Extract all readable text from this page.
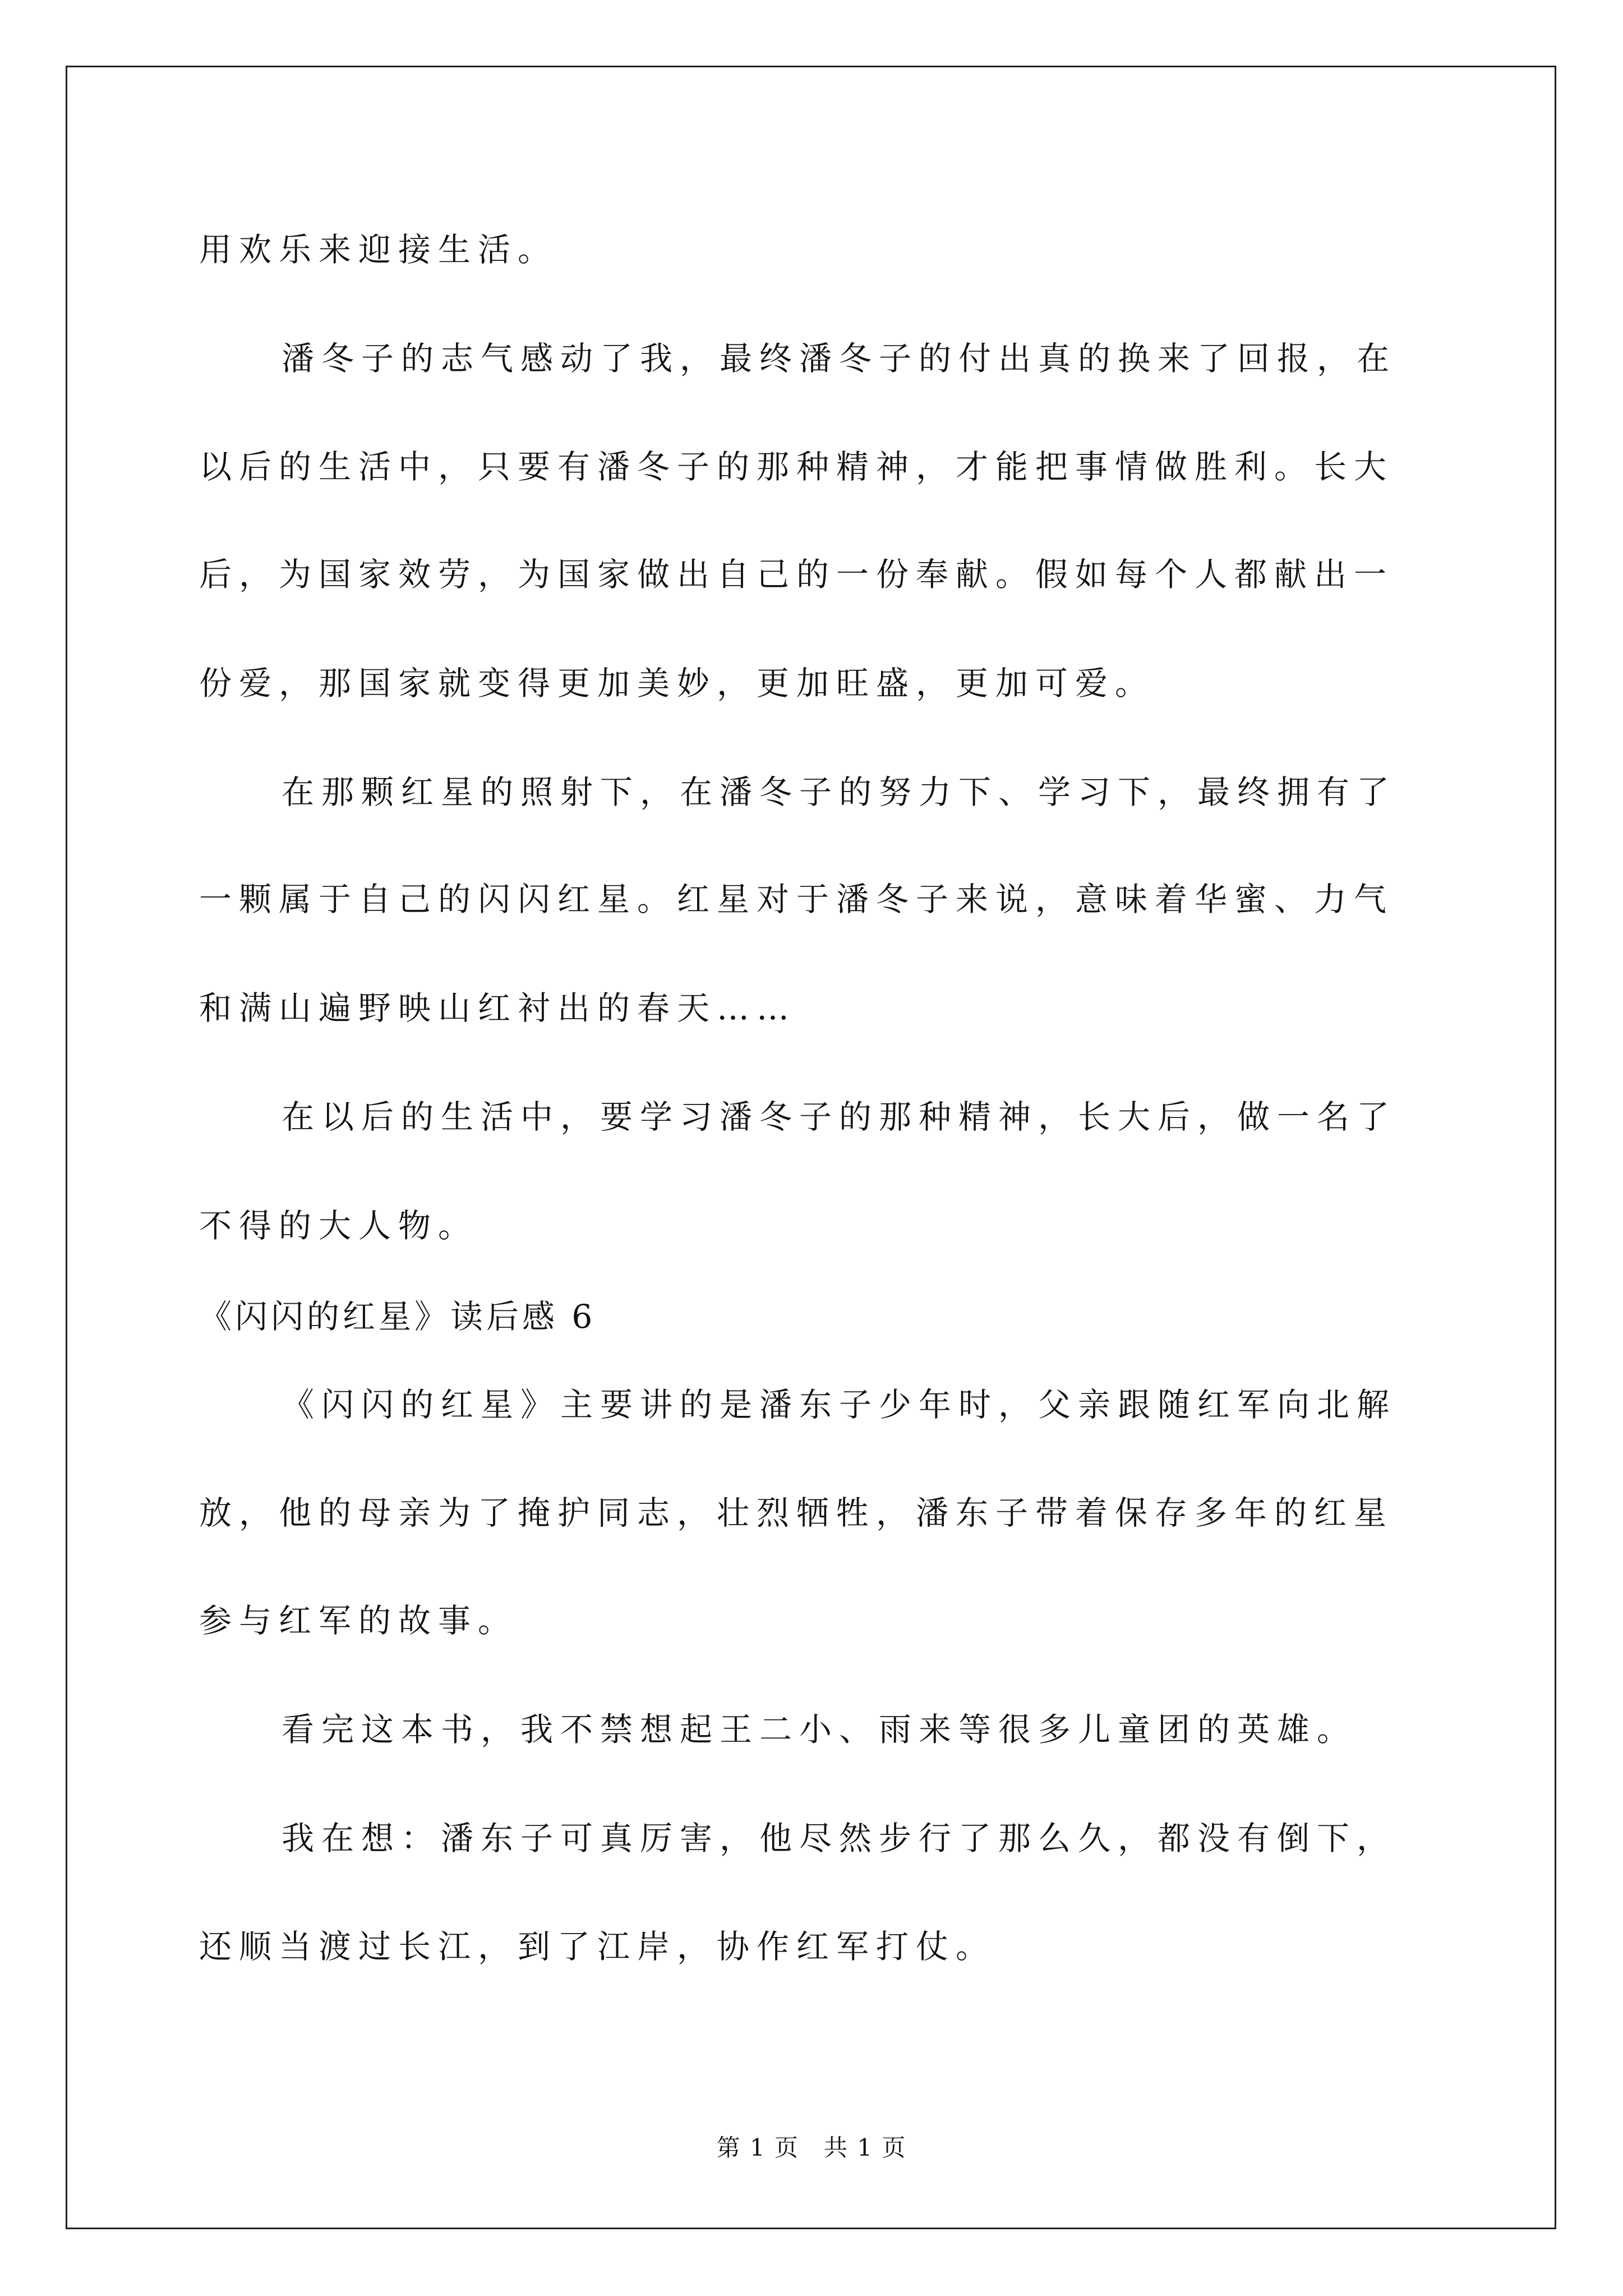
用欢乐来迎接生活。
潘冬子的志气感动了我，最终潘冬子的付出真的换来了回报，在
以后的生活中，只要有潘冬子的那种精神，才能把事情做胜利。长大
后，为国家效劳，为国家做出自己的一份奉献。假如每个人都献出一
份爱，那国家就变得更加美妙，更加旺盛，更加可爱。
在那颗红星的照射下，在潘冬子的努力下、学习下，最终拥有了
一颗属于自己的闪闪红星。红星对于潘冬子来说，意味着华蜜、力气
和满山遍野映山红衬出的春天……
在以后的生活中，要学习潘冬子的那种精神，长大后，做一名了
不得的大人物。
《闪闪的红星》读后感 6
《闪闪的红星》主要讲的是潘东子少年时，父亲跟随红军向北解
放，他的母亲为了掩护同志，壮烈牺牲，潘东子带着保存多年的红星
参与红军的故事。
看完这本书，我不禁想起王二小、雨来等很多儿童团的英雄。
我在想：潘东子可真厉害，他尽然步行了那么久，都没有倒下，
还顺当渡过长江，到了江岸，协作红军打仗。
第 1 页　共 1 页
